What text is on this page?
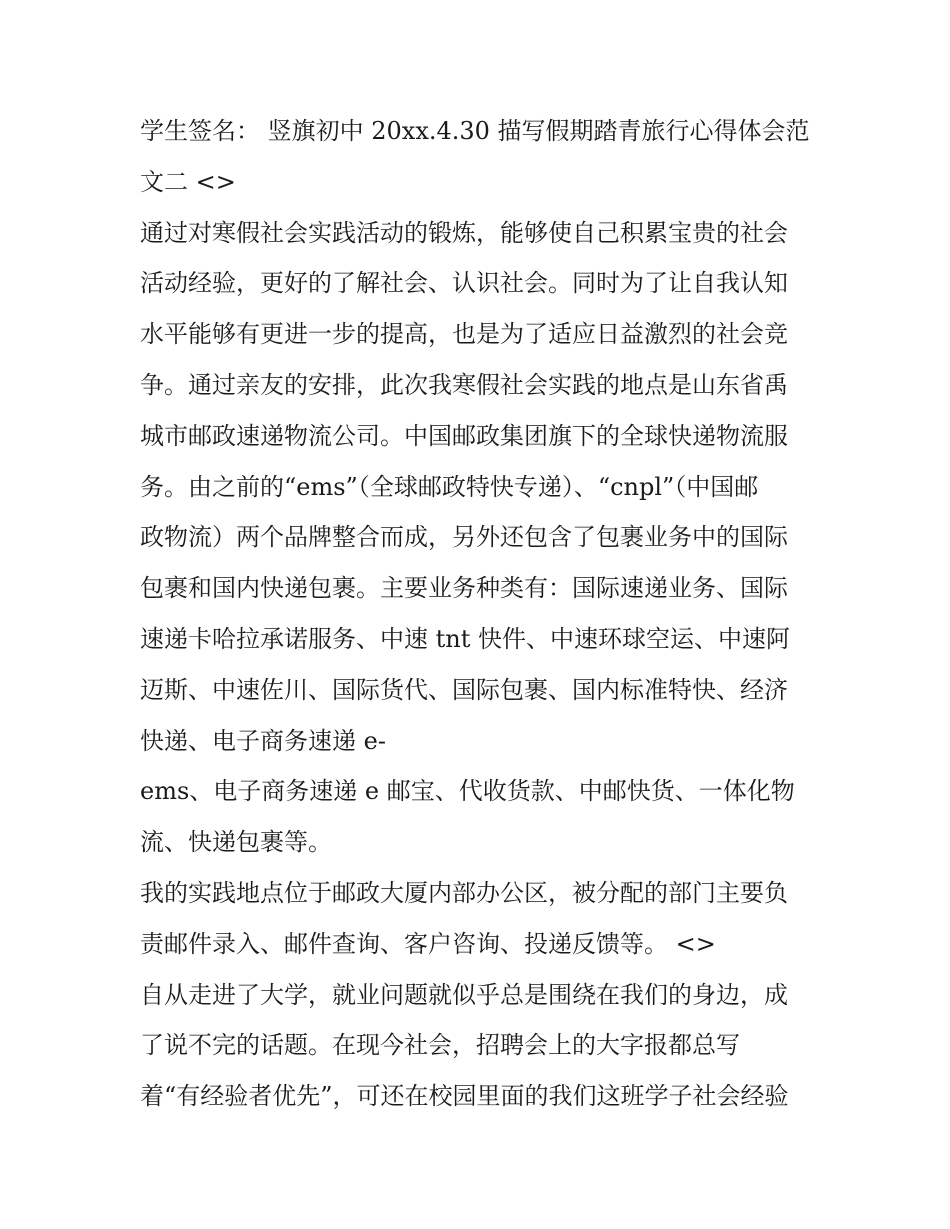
学生签名： 竖旗初中 20xx.4.30 描写假期踏青旅行心得体会范
文二 <>
通过对寒假社会实践活动的锻炼，能够使自己积累宝贵的社会
活动经验，更好的了解社会、认识社会。同时为了让自我认知
水平能够有更进一步的提高，也是为了适应日益激烈的社会竞
争。通过亲友的安排，此次我寒假社会实践的地点是山东省禹
城市邮政速递物流公司。中国邮政集团旗下的全球快递物流服
务。由之前的“ems”（全球邮政特快专递）、“cnpl”（中国邮
政物流）两个品牌整合而成，另外还包含了包裹业务中的国际
包裹和国内快递包裹。主要业务种类有：国际速递业务、国际
速递卡哈拉承诺服务、中速 tnt 快件、中速环球空运、中速阿
迈斯、中速佐川、国际货代、国际包裹、国内标准特快、经济
快递、电子商务速递 e-
ems、电子商务速递 e 邮宝、代收货款、中邮快货、一体化物
流、快递包裹等。
我的实践地点位于邮政大厦内部办公区，被分配的部门主要负
责邮件录入、邮件查询、客户咨询、投递反馈等。 <>
自从走进了大学，就业问题就似乎总是围绕在我们的身边，成
了说不完的话题。在现今社会，招聘会上的大字报都总写
着“有经验者优先”，可还在校园里面的我们这班学子社会经验
